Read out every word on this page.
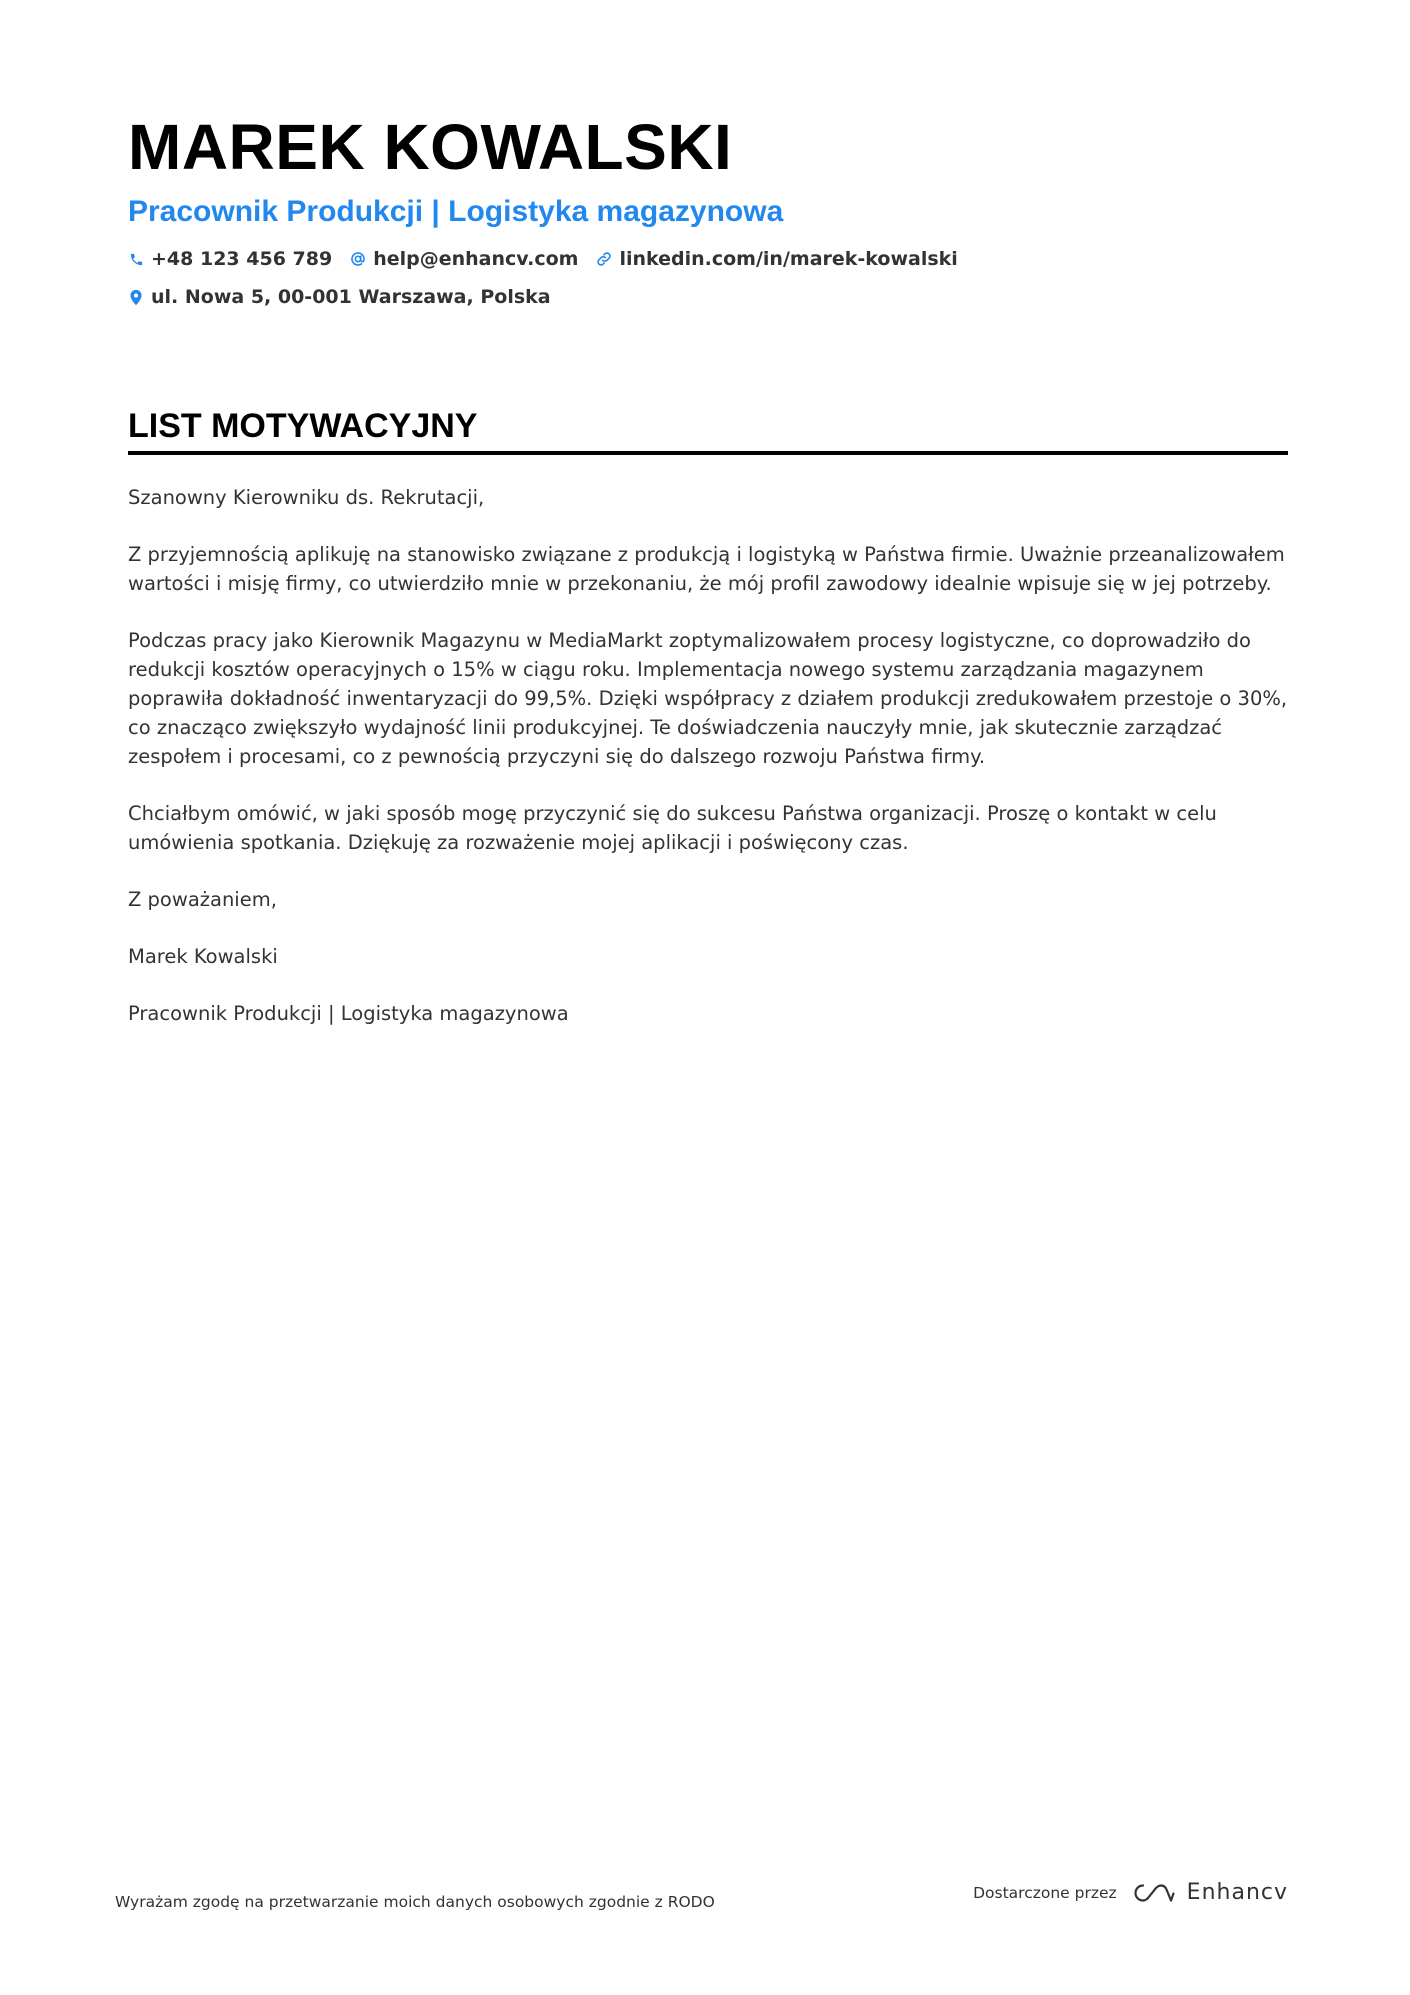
MAREK KOWALSKI
Pracownik Produkcji | Logistyka magazynowa
+48 123 456 789 help@enhancv.com linkedin.com/in/marek-kowalski
ul. Nowa 5, 00-001 Warszawa, Polska
LIST MOTYWACYJNY

Szanowny Kierowniku ds. Rekrutacji,

Z przyjemnością aplikuję na stanowisko związane z produkcją i logistyką w Państwa firmie. Uważnie przeanalizowałem wartości i misję firmy, co utwierdziło mnie w przekonaniu, że mój profil zawodowy idealnie wpisuje się w jej potrzeby.

Podczas pracy jako Kierownik Magazynu w MediaMarkt zoptymalizowałem procesy logistyczne, co doprowadziło do redukcji kosztów operacyjnych o 15% w ciągu roku. Implementacja nowego systemu zarządzania magazynem poprawiła dokładność inwentaryzacji do 99,5%. Dzięki współpracy z działem produkcji zredukowałem przestoje o 30%, co znacząco zwiększyło wydajność linii produkcyjnej. Te doświadczenia nauczyły mnie, jak skutecznie zarządzać zespołem i procesami, co z pewnością przyczyni się do dalszego rozwoju Państwa firmy.

Chciałbym omówić, w jaki sposób mogę przyczynić się do sukcesu Państwa organizacji. Proszę o kontakt w celu umówienia spotkania. Dziękuję za rozważenie mojej aplikacji i poświęcony czas.

Z poważaniem,

Marek Kowalski

Pracownik Produkcji | Logistyka magazynowa

Wyrażam zgodę na przetwarzanie moich danych osobowych zgodnie z RODO
Dostarczone przez	Enhancv
